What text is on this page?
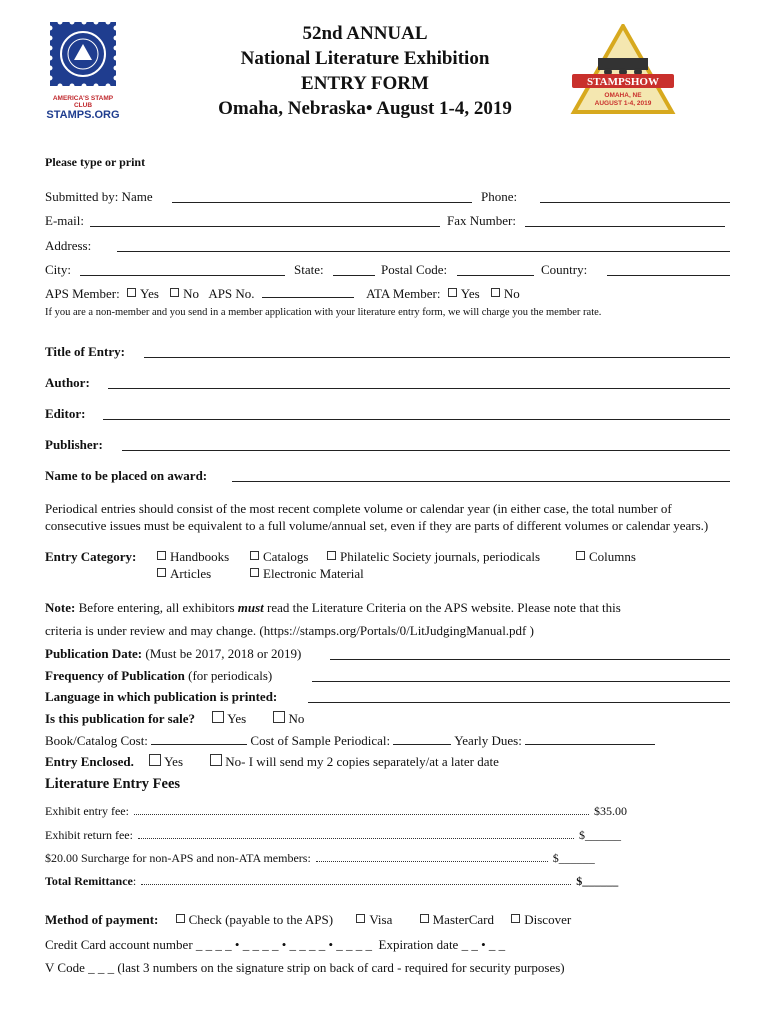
AMERICA'S STAMP CLUB
STAMPS.ORG
52nd ANNUAL
National Literature Exhibition
ENTRY FORM
Omaha, Nebraska• August 1-4, 2019
STAMPSHOW
OMAHA, NE
AUGUST 1-4, 2019
Please type or print
Submitted by: Name	Phone:
E-mail:	Fax Number:
Address:
City:	State:	Postal Code:	Country:
APS Member: Yes No APS No.	ATA Member: Yes No
If you are a non-member and you send in a member application with your literature entry form, we will charge you the member rate.
Title of Entry:
Author:
Editor:
Publisher:
Name to be placed on award:
Periodical entries should consist of the most recent complete volume or calendar year (in either case, the total number of consecutive issues must be equivalent to a full volume/annual set, even if they are parts of different volumes or calendar years.)
Entry Category:	Handbooks	Catalogs	Philatelic Society journals, periodicals	Columns
Articles	Electronic Material
Note: Before entering, all exhibitors must read the Literature Criteria on the APS website. Please note that this
criteria is under review and may change. (https://stamps.org/Portals/0/LitJudgingManual.pdf )
Publication Date: (Must be 2017, 2018 or 2019)
Frequency of Publication (for periodicals)
Language in which publication is printed:
Is this publication for sale? Yes	No
Book/Catalog Cost:	Cost of Sample Periodical:	Yearly Dues:
Entry Enclosed. Yes	No- I will send my 2 copies separately/at a later date
Literature Entry Fees
Exhibit entry fee:	$35.00
Exhibit return fee:	$______
$20.00 Surcharge for non-APS and non-ATA members:	$______
Total Remittance:	$______
Method of payment: Check (payable to the APS)	Visa	MasterCard Discover
Credit Card account number _ _ _ _ • _ _ _ _ • _ _ _ _ • _ _ _ _  Expiration date _ _ • _ _
V Code _ _ _ (last 3 numbers on the signature strip on back of card - required for security purposes)
